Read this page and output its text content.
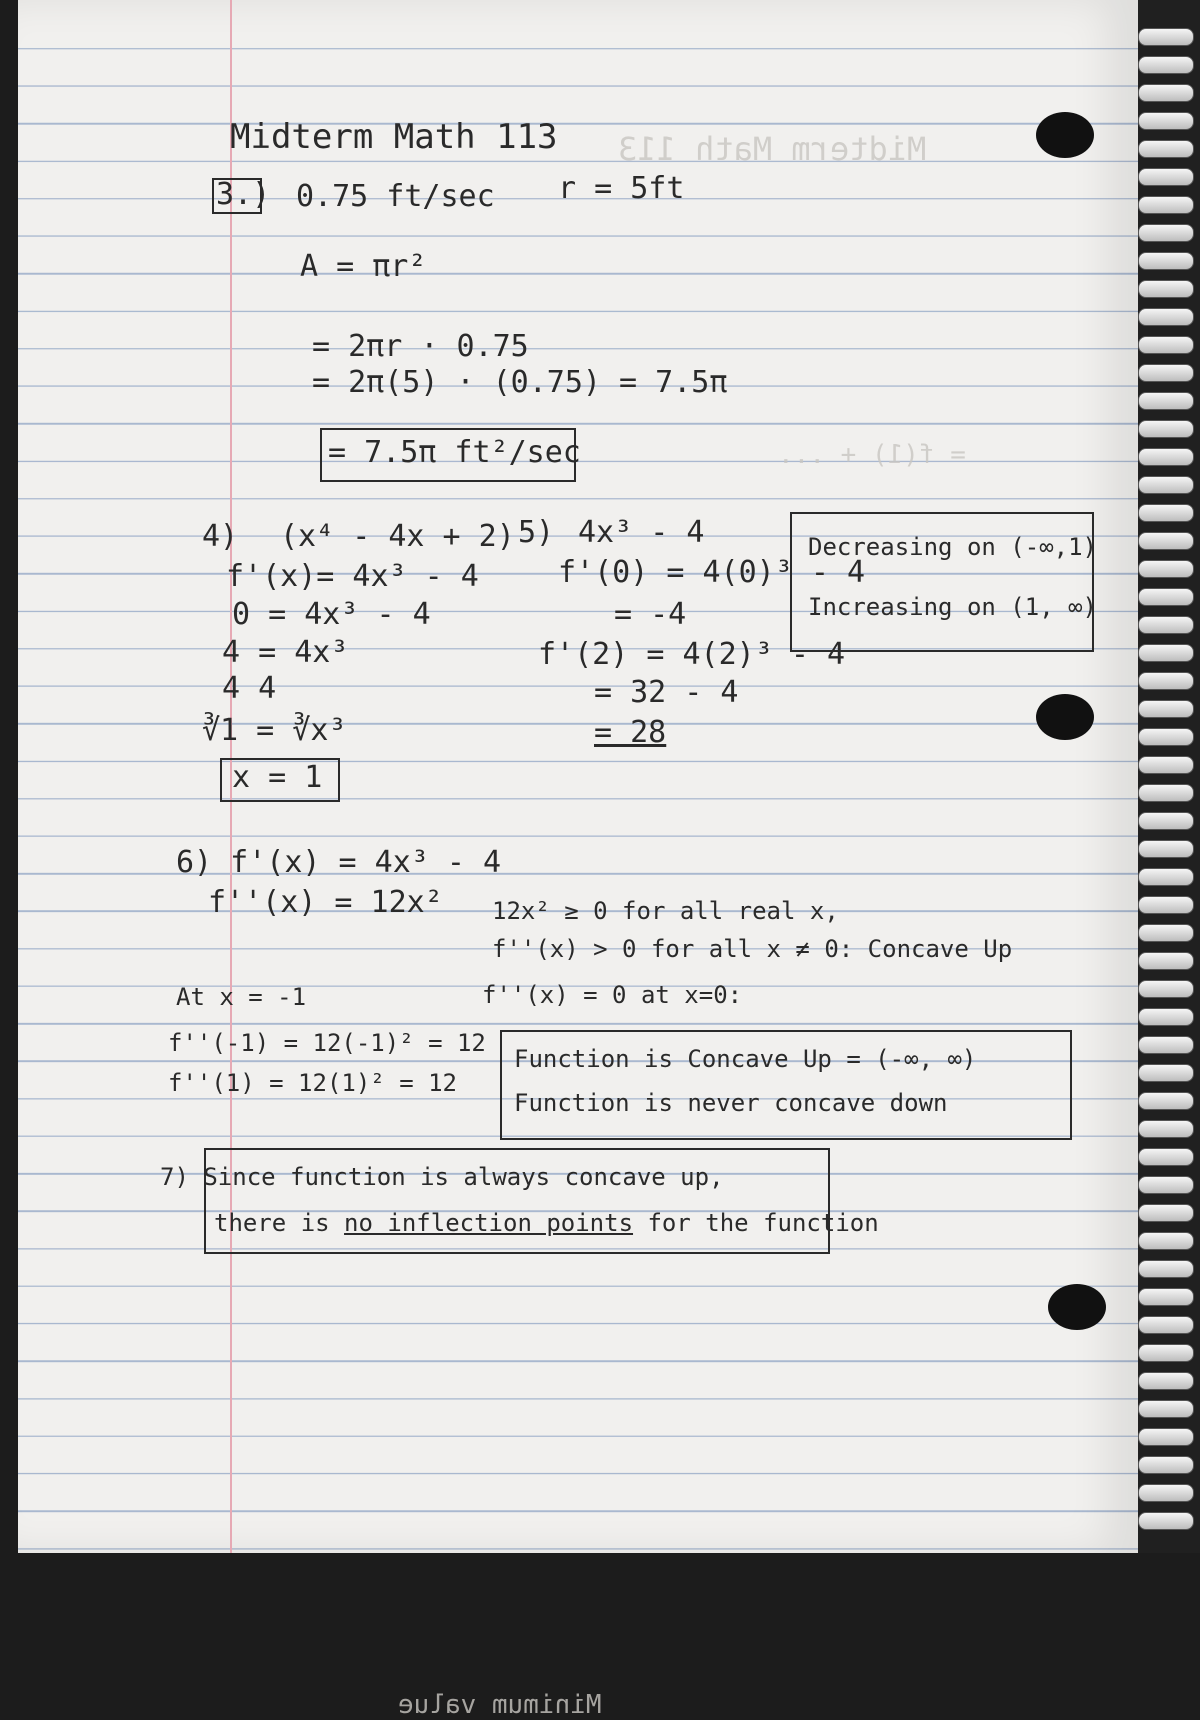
Midterm Math 113
= f(1) + ...
Minimum value
Midterm Math 113
3.) 0.75 ft/sec r = 5ft
A = πr²
= 2πr · 0.75
= 2π(5) · (0.75) = 7.5π
= 7.5π ft²/sec
4) (x⁴ - 4x + 2)
f'(x)= 4x³ - 4
0 = 4x³ - 4
4 = 4x³
4 4
∛1 = ∛x³
x = 1
5) 4x³ - 4
f'(0) = 4(0)³ - 4
= -4
f'(2) = 4(2)³ - 4
= 32 - 4
= 28
Decreasing on (-∞,1)
Increasing on (1, ∞)
6) f'(x) = 4x³ - 4
f''(x) = 12x² 12x² ≥ 0 for all real x,
f''(x) > 0 for all x ≠ 0: Concave Up
f''(x) = 0 at x=0:
At x = -1
f''(-1) = 12(-1)² = 12
f''(1) = 12(1)² = 12
Function is Concave Up = (-∞, ∞)
Function is never concave down
7) Since function is always concave up,
there is no inflection points for the function
